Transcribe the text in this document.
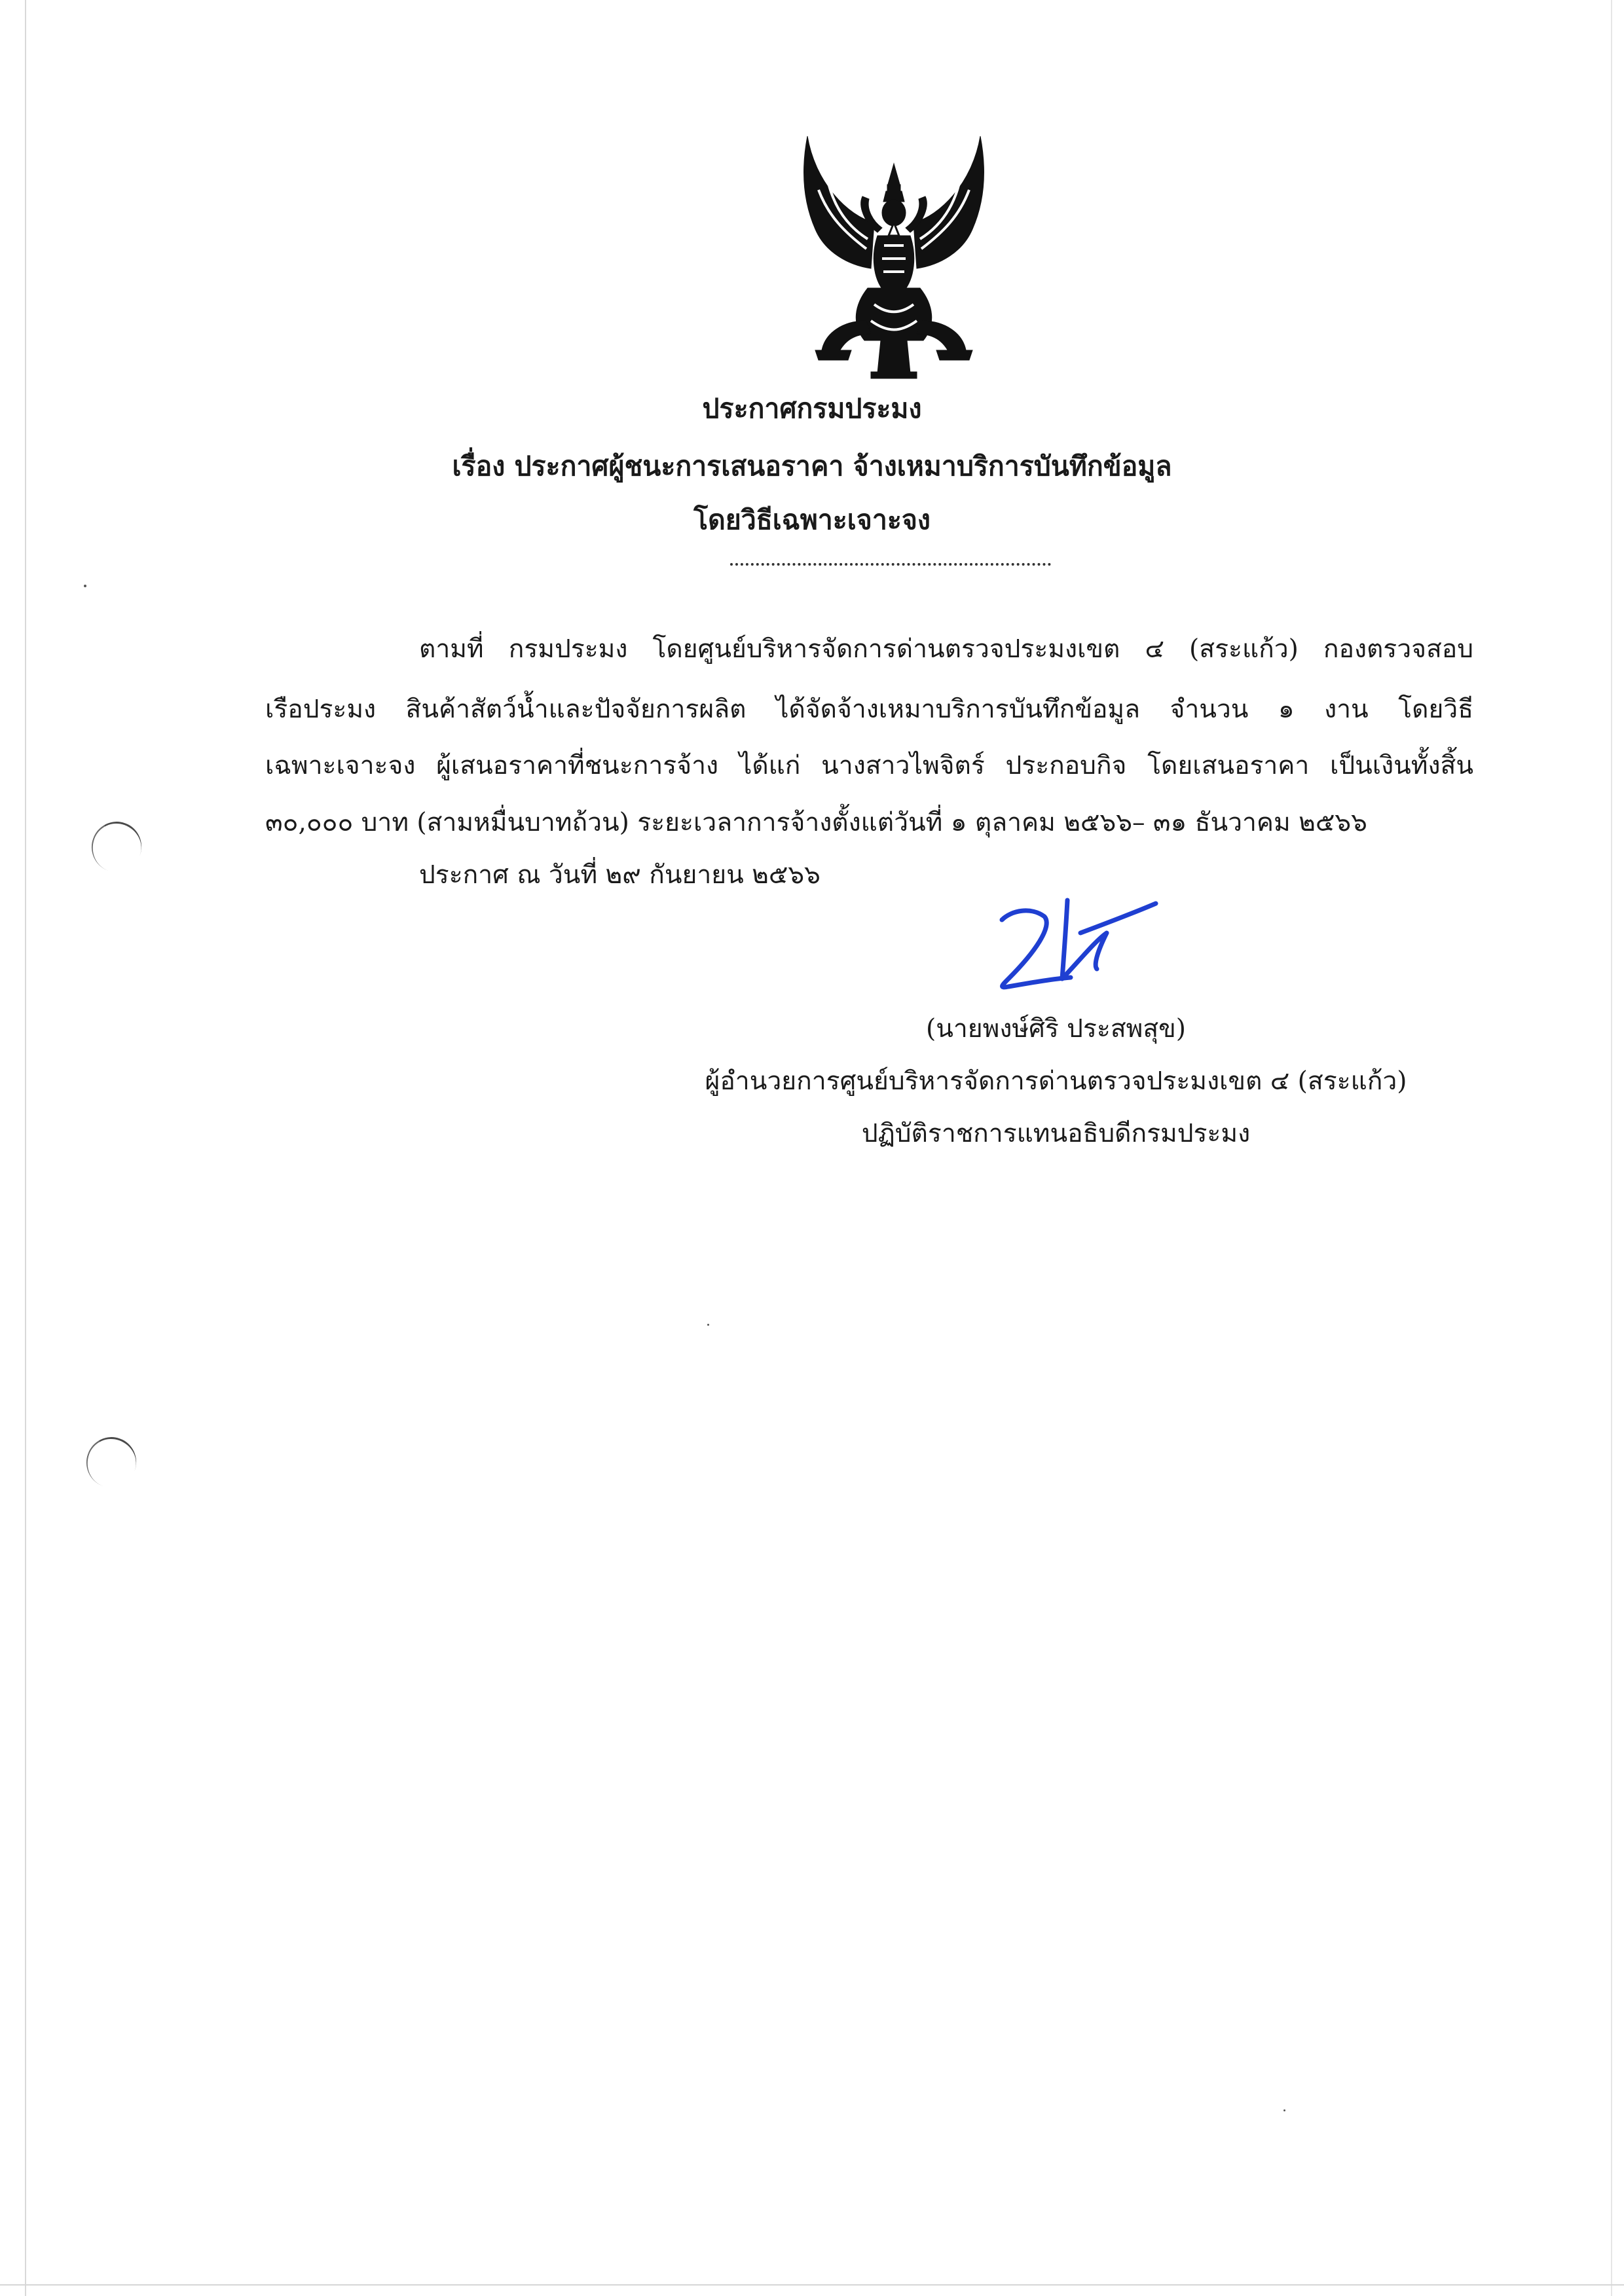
ประกาศกรมประมง
เรื่อง ประกาศผู้ชนะการเสนอราคา จ้างเหมาบริการบันทึกข้อมูล
โดยวิธีเฉพาะเจาะจง
ตามที่ กรมประมง โดยศูนย์บริหารจัดการด่านตรวจประมงเขต ๔ (สระแก้ว) กองตรวจสอบ
เรือประมง สินค้าสัตว์น้ำและปัจจัยการผลิต ได้จัดจ้างเหมาบริการบันทึกข้อมูล จำนวน ๑ งาน โดยวิธี
เฉพาะเจาะจง ผู้เสนอราคาที่ชนะการจ้าง ได้แก่ นางสาวไพจิตร์ ประกอบกิจ โดยเสนอราคา เป็นเงินทั้งสิ้น
๓๐,๐๐๐ บาท (สามหมื่นบาทถ้วน) ระยะเวลาการจ้างตั้งแต่วันที่ ๑ ตุลาคม ๒๕๖๖– ๓๑ ธันวาคม ๒๕๖๖
ประกาศ ณ วันที่ ๒๙ กันยายน ๒๕๖๖
(นายพงษ์ศิริ ประสพสุข)
ผู้อำนวยการศูนย์บริหารจัดการด่านตรวจประมงเขต ๔ (สระแก้ว)
ปฏิบัติราชการแทนอธิบดีกรมประมง
